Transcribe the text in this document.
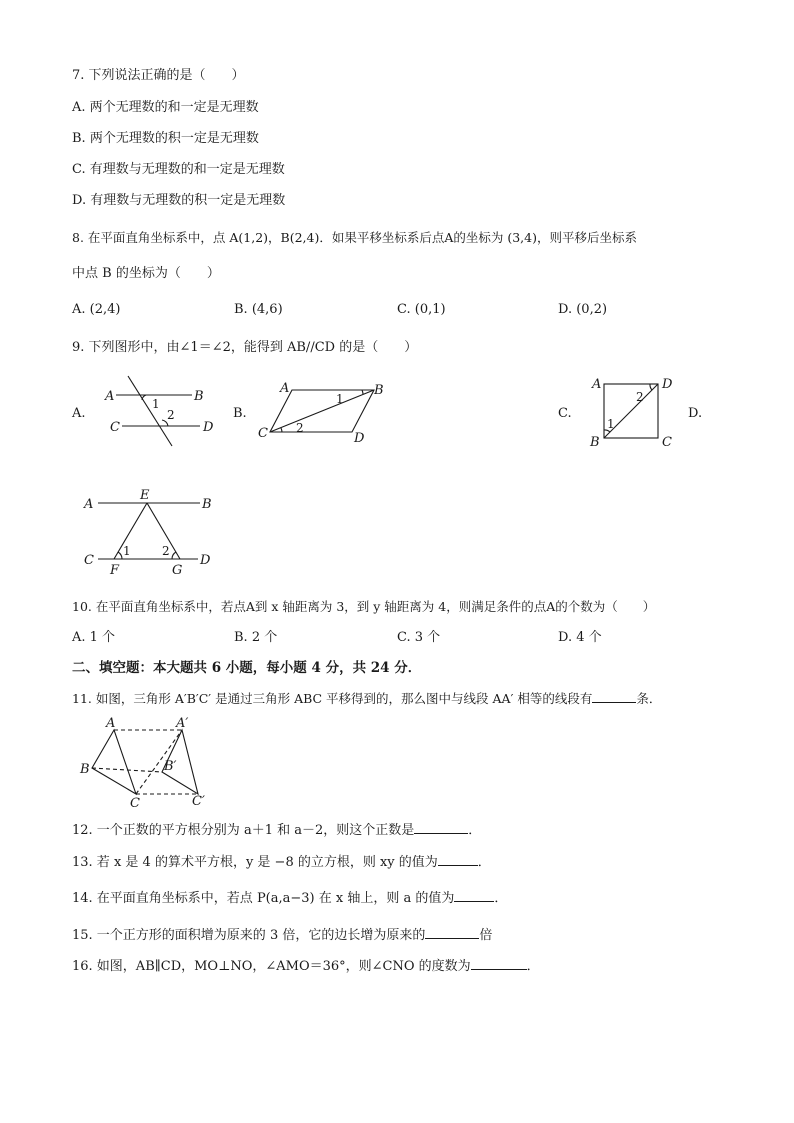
7. 下列说法正确的是（　　）
A. 两个无理数的和一定是无理数
B. 两个无理数的积一定是无理数
C. 有理数与无理数的和一定是无理数
D. 有理数与无理数的积一定是无理数
8. 在平面直角坐标系中，点 A(1,2)，B(2,4)．如果平移坐标系后点A的坐标为 (3,4)，则平移后坐标系
中点 B 的坐标为（　　）
A. (2,4)	B. (4,6)	C. (0,1)	D. (0,2)
9. 下列图形中，由∠1＝∠2，能得到 AB//CD 的是（　　）
A.
A	B
C	D
1
2	B.
A	B
C	D
1
2
C.
A	D
B	C
2
1
D.
A
E
B
C	D
F	G
1	2
10. 在平面直角坐标系中，若点A到 x 轴距离为 3，到 y 轴距离为 4，则满足条件的点A的个数为（　　）
A. 1 个	B. 2 个	C. 3 个	D. 4 个
二、填空题：本大题共 6 小题，每小题 4 分，共 24 分．
11. 如图，三角形 A′B′C′ 是通过三角形 ABC 平移得到的，那么图中与线段 AA′ 相等的线段有	条．
A	A′
B	B′
C	C′
12. 一个正数的平方根分别为 a＋1 和 a－2，则这个正数是	．
13. 若 x 是 4 的算术平方根，y 是 −8 的立方根，则 xy 的值为	．
14. 在平面直角坐标系中，若点 P(a,a−3) 在 x 轴上，则 a 的值为	．
15. 一个正方形的面积增为原来的 3 倍，它的边长增为原来的	倍
16. 如图，AB∥CD，MO⊥NO，∠AMO＝36°，则∠CNO 的度数为	．
